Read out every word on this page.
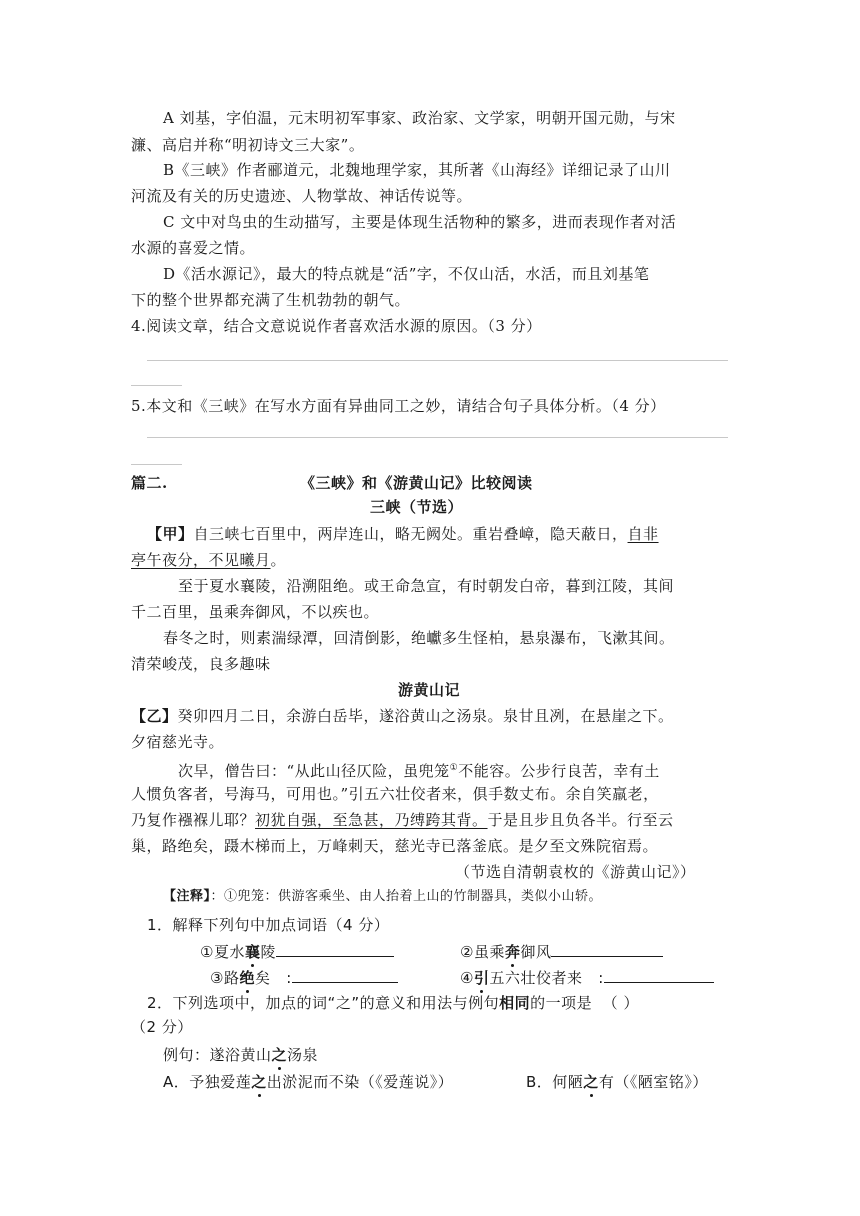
A 刘基，字伯温，元末明初军事家、政治家、文学家，明朝开国元勋，与宋
濂、高启并称“明初诗文三大家”。
B《三峡》作者郦道元，北魏地理学家，其所著《山海经》详细记录了山川
河流及有关的历史遗迹、人物掌故、神话传说等。
C 文中对鸟虫的生动描写，主要是体现生活物种的繁多，进而表现作者对活
水源的喜爱之情。
D《活水源记》，最大的特点就是“活”字，不仅山活，水活，而且刘基笔
下的整个世界都充满了生机勃勃的朝气。
4.阅读文章，结合文意说说作者喜欢活水源的原因。（3 分）
5.本文和《三峡》在写水方面有异曲同工之妙，请结合句子具体分析。（4 分）
篇二.	《三峡》和《游黄山记》比较阅读
三峡（节选）
【甲】自三峡七百里中，两岸连山，略无阙处。重岩叠嶂，隐天蔽日，自非
亭午夜分，不见曦月。
至于夏水襄陵，沿溯阻绝。或王命急宣，有时朝发白帝，暮到江陵，其间
千二百里，虽乘奔御风，不以疾也。
春冬之时，则素湍绿潭，回清倒影，绝巘多生怪柏，悬泉瀑布，飞漱其间。
清荣峻茂，良多趣味
游黄山记
【乙】癸卯四月二日，余游白岳毕，遂浴黄山之汤泉。泉甘且冽，在悬崖之下。
夕宿慈光寺。
次早，僧告曰：“从此山径仄险，虽兜笼①不能容。公步行良苦，幸有土
人惯负客者，号海马，可用也。”引五六壮佼者来，俱手数丈布。余自笑羸老，
乃复作襁褓儿耶？初犹自强，至急甚，乃缚跨其背。于是且步且负各半。行至云
巢，路绝矣，蹑木梯而上，万峰刺天，慈光寺已落釜底。是夕至文殊院宿焉。
（节选自清朝袁枚的《游黄山记》）
【注释】：①兜笼：供游客乘坐、由人抬着上山的竹制器具，类似小山轿。
1．解释下列句中加点词语（4 分）
①夏水襄陵	②虽乘奔御风
③路绝矣 :	④引五六壮佼者来 :
2．下列选项中，加点的词“之”的意义和用法与例句相同的一项是 （ ）
（2 分）
例句：遂浴黄山之汤泉
A．予独爱莲之出淤泥而不染（《爱莲说》）	B．何陋之有（《陋室铭》）
